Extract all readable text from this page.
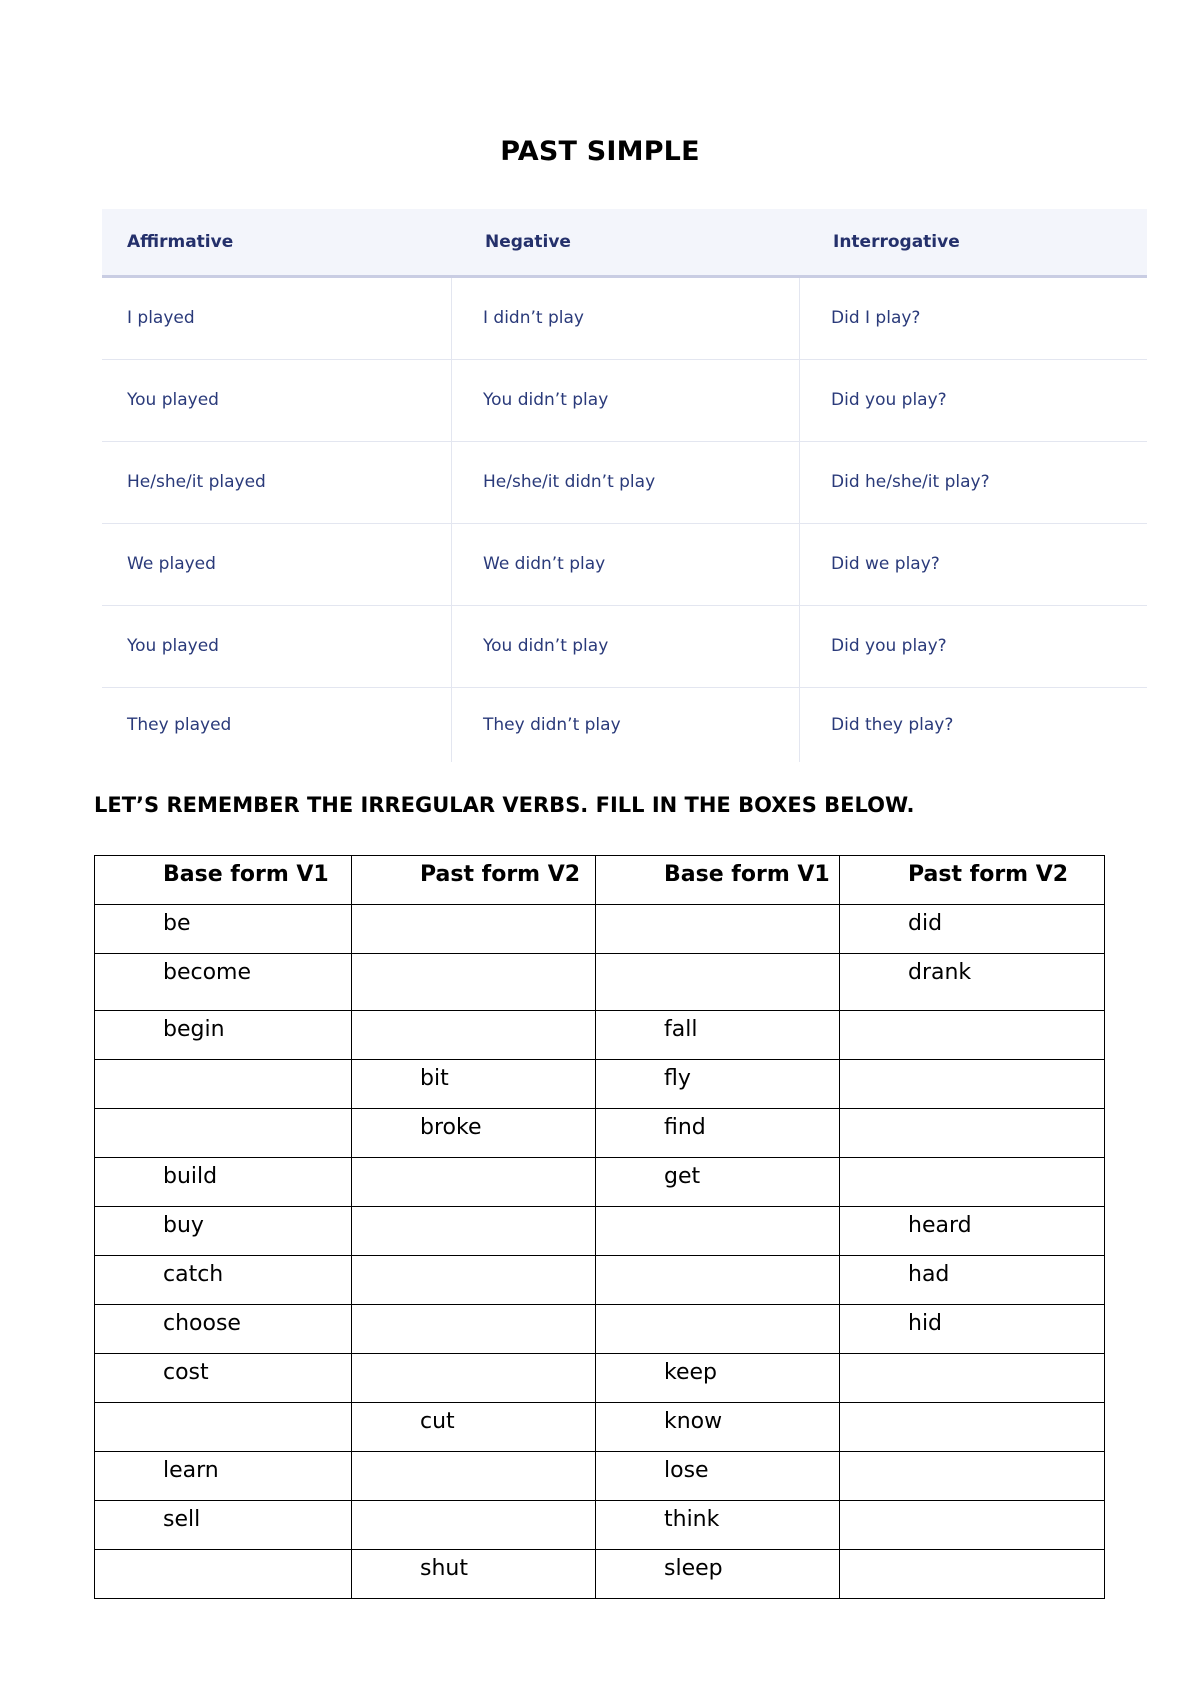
PAST SIMPLE
Affirmative	Negative	Interrogative
I played	I didn’t play	Did I play?
You played	You didn’t play	Did you play?
He/she/it played	He/she/it didn’t play	Did he/she/it play?
We played	We didn’t play	Did we play?
You played	You didn’t play	Did you play?
They played	They didn’t play	Did they play?
LET’S REMEMBER THE IRREGULAR VERBS. FILL IN THE BOXES BELOW.
Base form V1	Past form V2	Base form V1	Past form V2
be			did
become			drank
begin		fall	
	bit	fly	
	broke	find	
build		get	
buy			heard
catch			had
choose			hid
cost		keep	
	cut	know	
learn		lose	
sell		think	
	shut	sleep	
